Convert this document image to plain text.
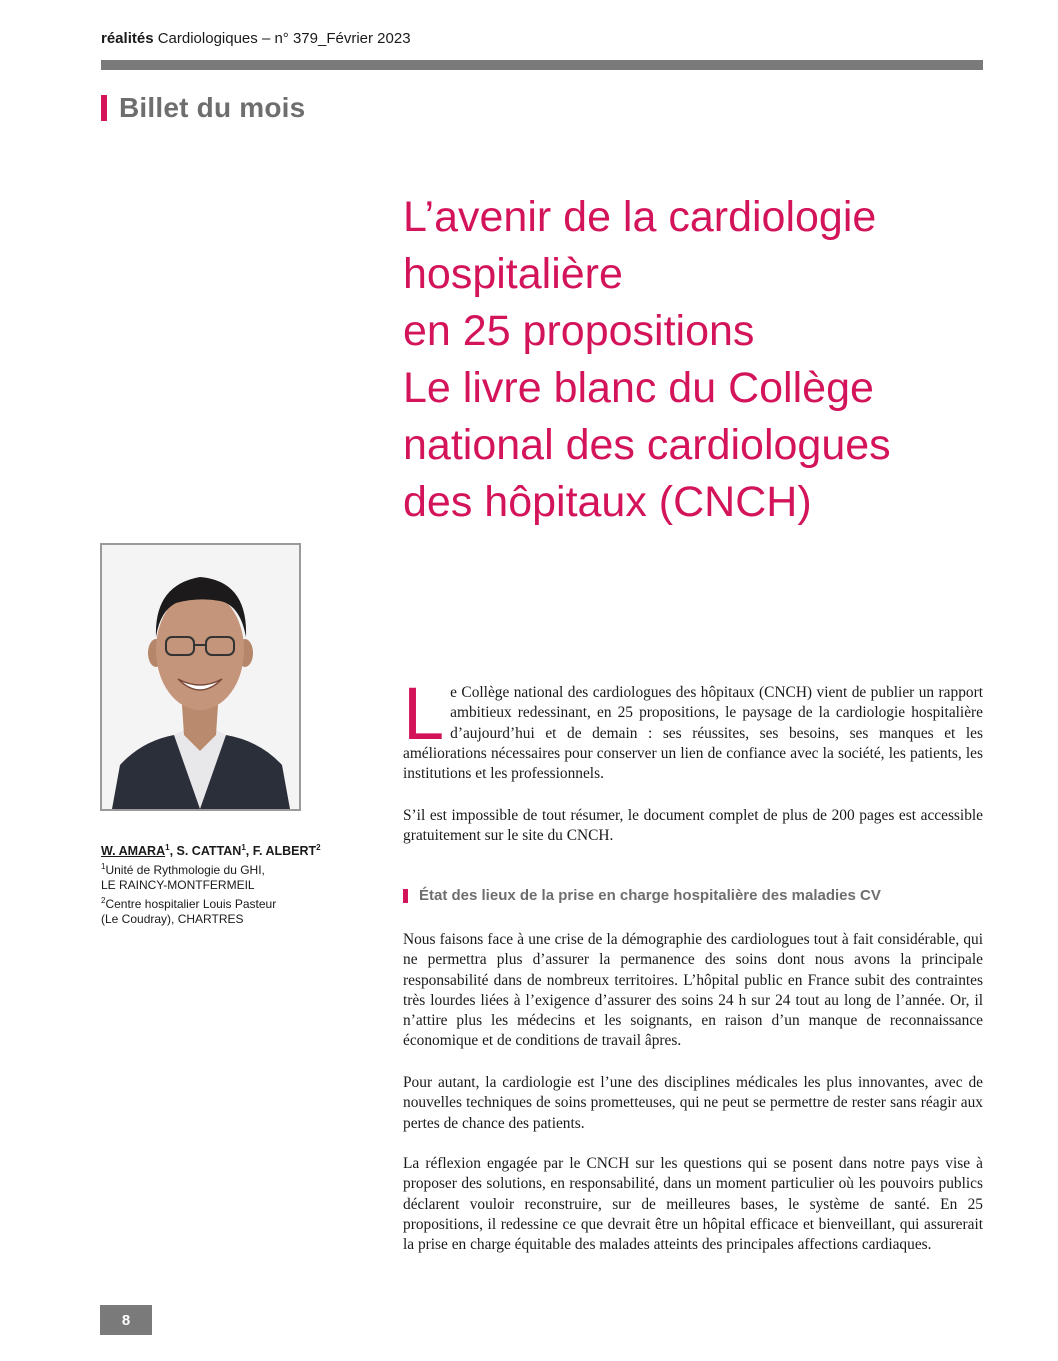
réalités Cardiologiques – n° 379_Février 2023
Billet du mois
L’avenir de la cardiologie
hospitalière
en 25 propositions
Le livre blanc du Collège
national des cardiologues
des hôpitaux (CNCH)
W. AMARA$^1$, S. CATTAN$^1$, F. ALBERT$^2$
$^1$Unité de Rythmologie du GHI,
LE RAINCY-MONTFERMEIL
$^2$Centre hospitalier Louis Pasteur
(Le Coudray), CHARTRES

Le Collège national des cardiologues des hôpitaux (CNCH) vient de publier un rapport ambitieux redessinant, en 25 propositions, le paysage de la cardiologie hospitalière d’aujourd’hui et de demain : ses réussites, ses besoins, ses manques et les améliorations nécessaires pour conserver un lien de confiance avec la société, les patients, les institutions et les professionnels.

S’il est impossible de tout résumer, le document complet de plus de 200 pages est accessible gratuitement sur le site du CNCH.

État des lieux de la prise en charge hospitalière des maladies CV

Nous faisons face à une crise de la démographie des cardiologues tout à fait considérable, qui ne permettra plus d’assurer la permanence des soins dont nous avons la principale responsabilité dans de nombreux territoires. L’hôpital public en France subit des contraintes très lourdes liées à l’exigence d’assurer des soins 24 h sur 24 tout au long de l’année. Or, il n’attire plus les médecins et les soignants, en raison d’un manque de reconnaissance économique et de conditions de travail âpres.

Pour autant, la cardiologie est l’une des disciplines médicales les plus innovantes, avec de nouvelles techniques de soins prometteuses, qui ne peut se permettre de rester sans réagir aux pertes de chance des patients.

La réflexion engagée par le CNCH sur les questions qui se posent dans notre pays vise à proposer des solutions, en responsabilité, dans un moment particulier où les pouvoirs publics déclarent vouloir reconstruire, sur de meilleures bases, le système de santé. En 25 propositions, il redessine ce que devrait être un hôpital efficace et bienveillant, qui assurerait la prise en charge équitable des malades atteints des principales affections cardiaques.

8
